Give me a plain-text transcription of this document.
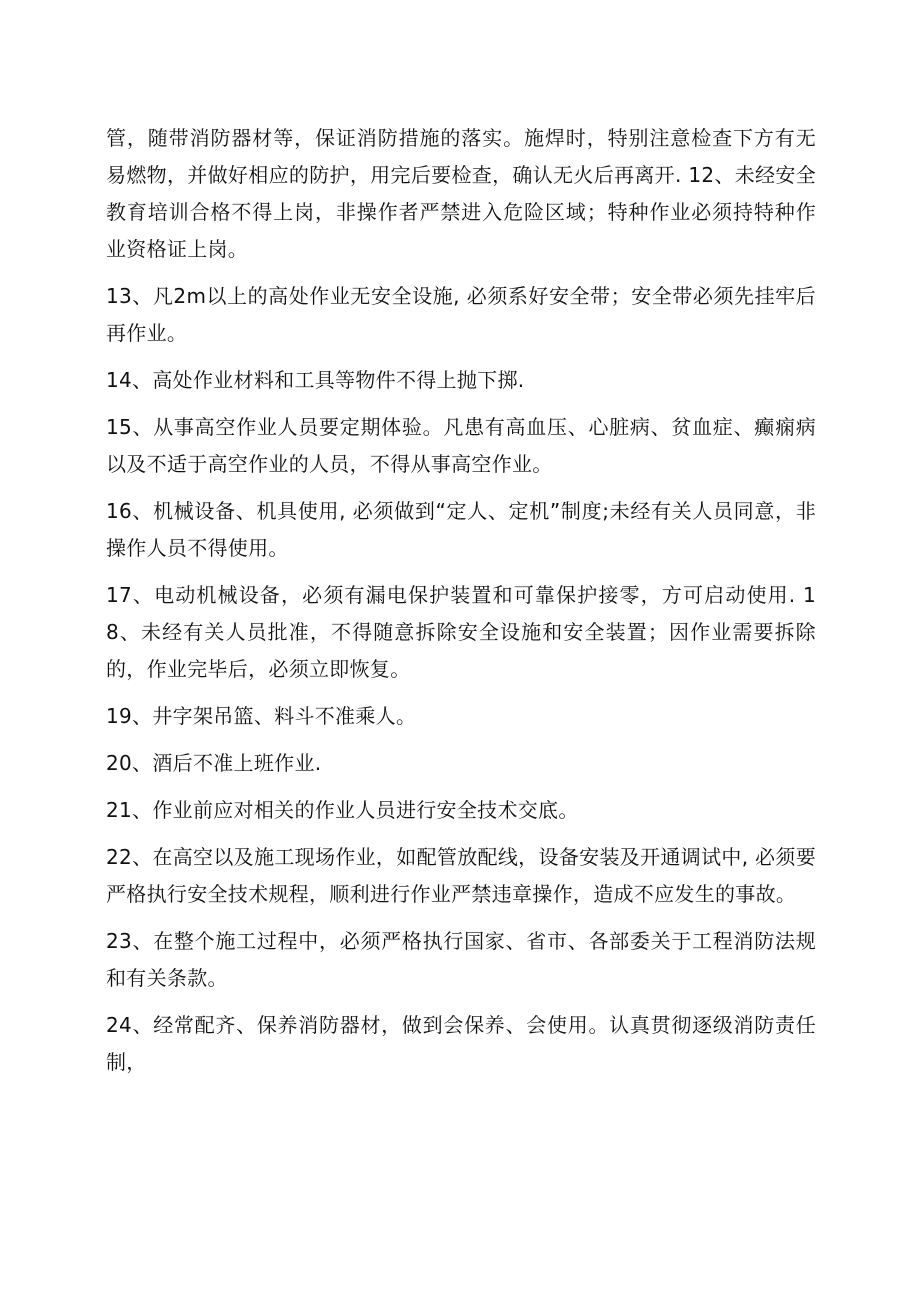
管，随带消防器材等，保证消防措施的落实。施焊时，特别注意检查下方有无易燃物，并做好相应的防护，用完后要检查，确认无火后再离开. 12、未经安全教育培训合格不得上岗，非操作者严禁进入危险区域；特种作业必须持特种作业资格证上岗。

13、凡2m以上的高处作业无安全设施, 必须系好安全带；安全带必须先挂牢后再作业。

14、高处作业材料和工具等物件不得上抛下掷.

15、从事高空作业人员要定期体验。凡患有高血压、心脏病、贫血症、癫痫病以及不适于高空作业的人员，不得从事高空作业。

16、机械设备、机具使用, 必须做到“定人、定机”制度;未经有关人员同意，非操作人员不得使用。

17、电动机械设备，必须有漏电保护装置和可靠保护接零，方可启动使用. 18、未经有关人员批准，不得随意拆除安全设施和安全装置；因作业需要拆除的，作业完毕后，必须立即恢复。

19、井字架吊篮、料斗不准乘人。

20、酒后不准上班作业.

21、作业前应对相关的作业人员进行安全技术交底。

22、在高空以及施工现场作业，如配管放配线，设备安装及开通调试中, 必须要严格执行安全技术规程，顺利进行作业严禁违章操作，造成不应发生的事故。

23、在整个施工过程中，必须严格执行国家、省市、各部委关于工程消防法规和有关条款。

24、经常配齐、保养消防器材，做到会保养、会使用。认真贯彻逐级消防责任制，
